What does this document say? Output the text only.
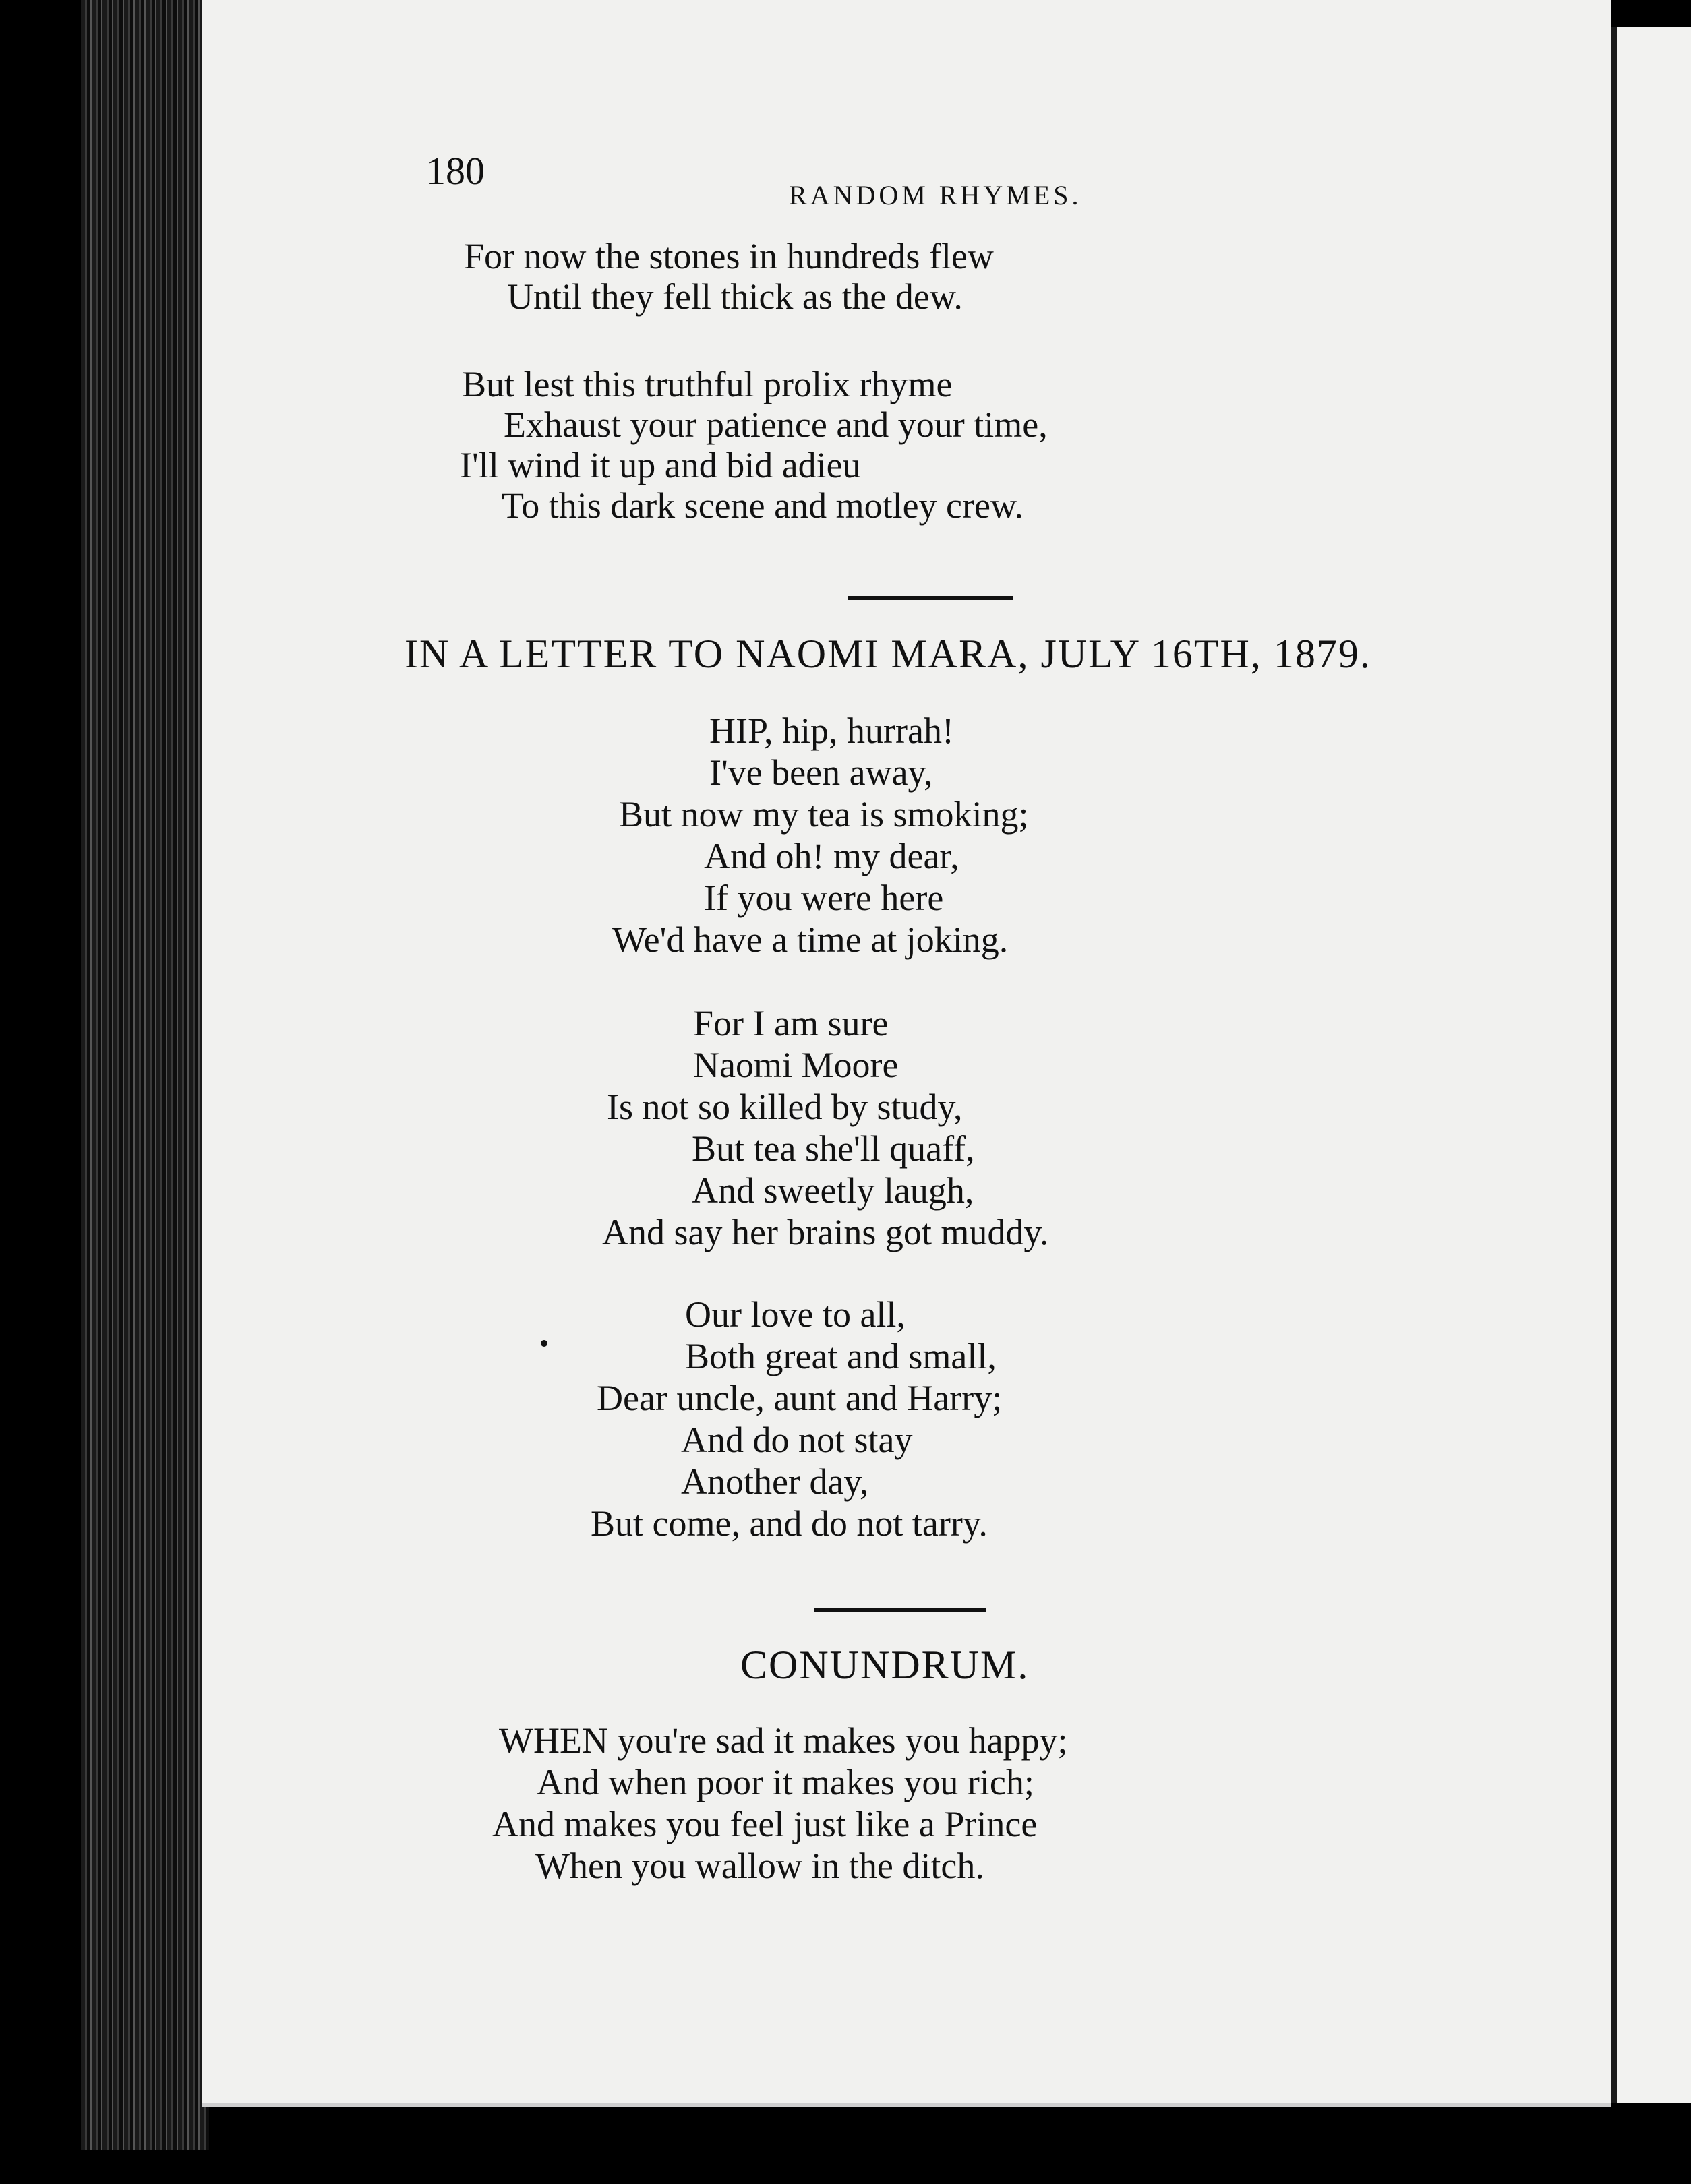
180
RANDOM RHYMES.
For now the stones in hundreds flew
Until they fell thick as the dew.
But lest this truthful prolix rhyme
Exhaust your patience and your time,
I'll wind it up and bid adieu
To this dark scene and motley crew.
IN A LETTER TO NAOMI MARA, JULY 16TH, 1879.
HIP, hip, hurrah!
I've been away,
But now my tea is smoking;
And oh! my dear,
If you were here
We'd have a time at joking.
For I am sure
Naomi Moore
Is not so killed by study,
But tea she'll quaff,
And sweetly laugh,
And say her brains got muddy.
Our love to all,
Both great and small,
Dear uncle, aunt and Harry;
And do not stay
Another day,
But come, and do not tarry.
CONUNDRUM.
WHEN you're sad it makes you happy;
And when poor it makes you rich;
And makes you feel just like a Prince
When you wallow in the ditch.
